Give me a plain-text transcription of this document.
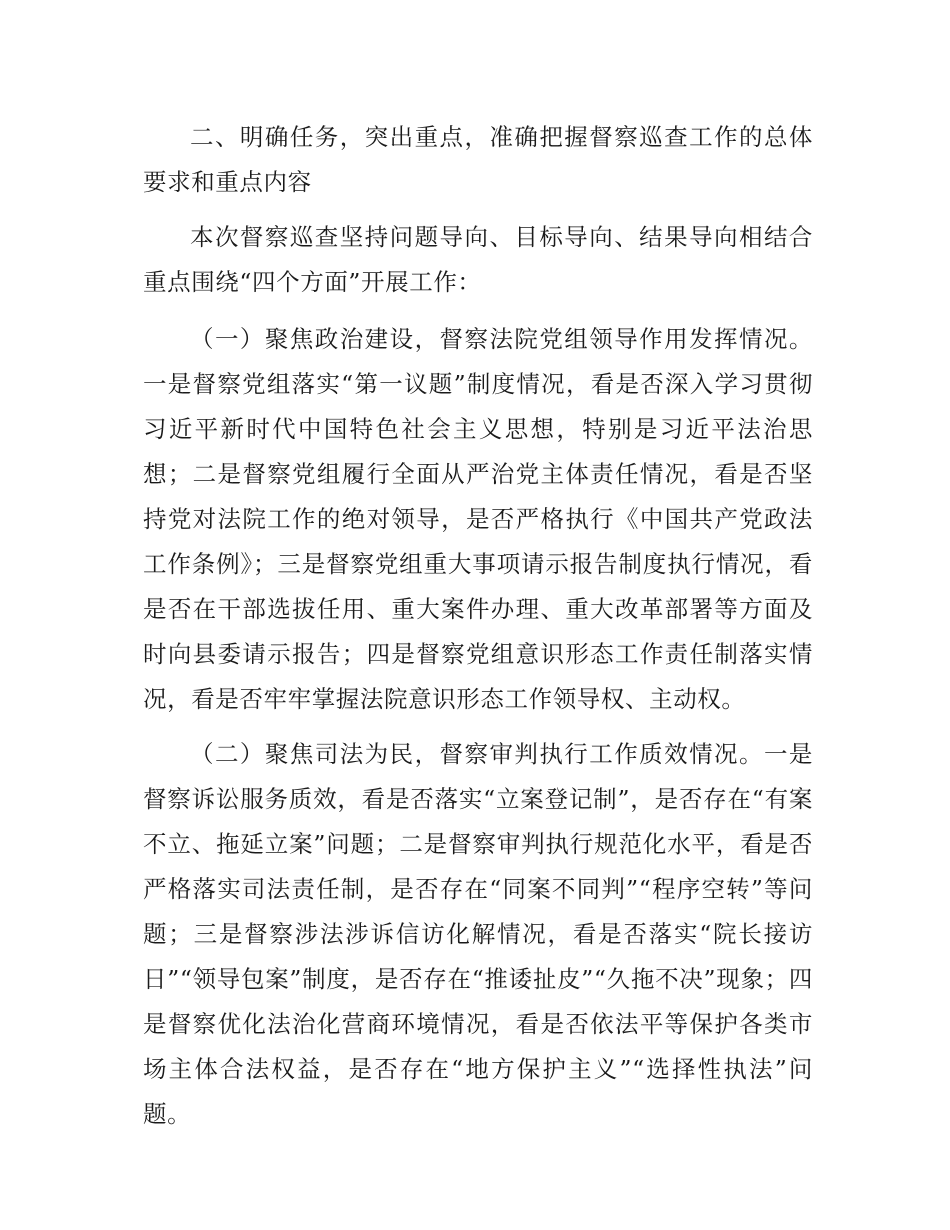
二、明确任务，突出重点，准确把握督察巡查工作的总体要求和重点内容

本次督察巡查坚持问题导向、目标导向、结果导向相结合重点围绕“四个方面”开展工作：

（一）聚焦政治建设，督察法院党组领导作用发挥情况。一是督察党组落实“第一议题”制度情况，看是否深入学习贯彻习近平新时代中国特色社会主义思想，特别是习近平法治思想；二是督察党组履行全面从严治党主体责任情况，看是否坚持党对法院工作的绝对领导，是否严格执行《中国共产党政法工作条例》；三是督察党组重大事项请示报告制度执行情况，看是否在干部选拔任用、重大案件办理、重大改革部署等方面及时向县委请示报告；四是督察党组意识形态工作责任制落实情况，看是否牢牢掌握法院意识形态工作领导权、主动权。

（二）聚焦司法为民，督察审判执行工作质效情况。一是督察诉讼服务质效，看是否落实“立案登记制”，是否存在“有案不立、拖延立案”问题；二是督察审判执行规范化水平，看是否严格落实司法责任制，是否存在“同案不同判”“程序空转”等问题；三是督察涉法涉诉信访化解情况，看是否落实“院长接访日”“领导包案”制度，是否存在“推诿扯皮”“久拖不决”现象；四是督察优化法治化营商环境情况，看是否依法平等保护各类市场主体合法权益，是否存在“地方保护主义”“选择性执法”问题。
